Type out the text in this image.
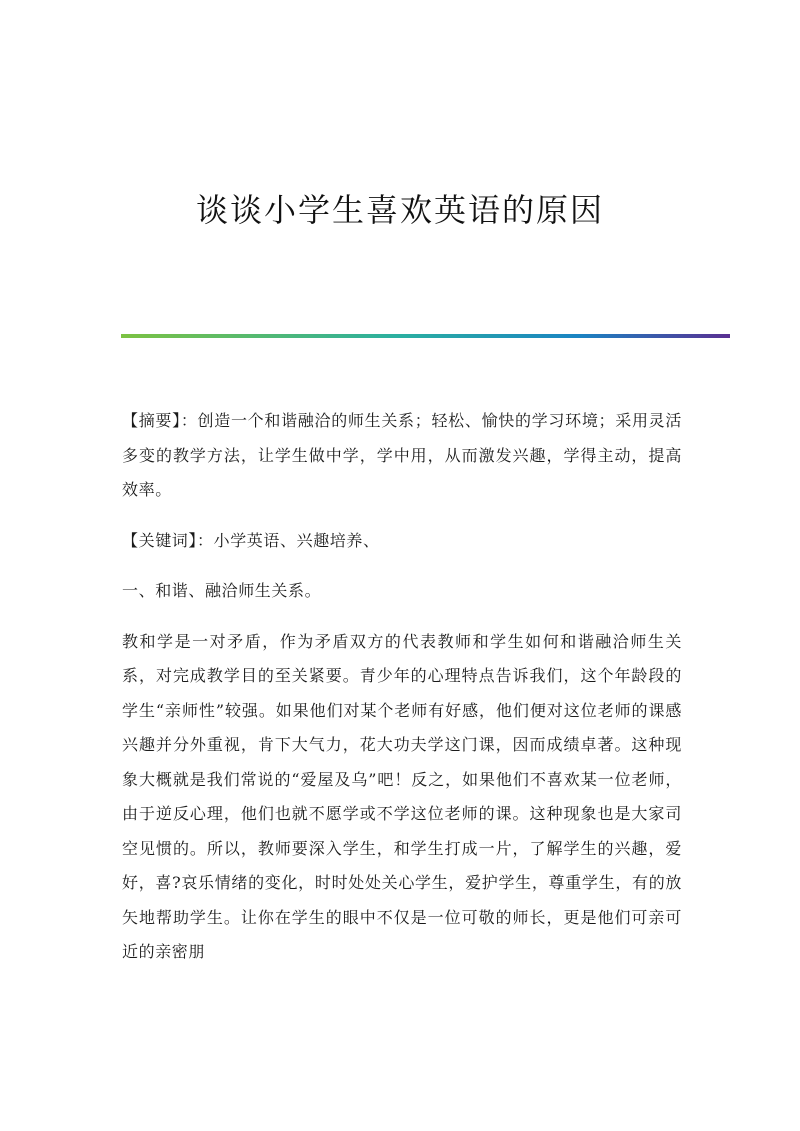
谈谈小学生喜欢英语的原因

【摘要】：创造一个和谐融洽的师生关系；轻松、愉快的学习环境；采用灵活多变的教学方法，让学生做中学，学中用，从而激发兴趣，学得主动，提高效率。

【关键词】：小学英语、兴趣培养、

一、和谐、融洽师生关系。

教和学是一对矛盾，作为矛盾双方的代表教师和学生如何和谐融洽师生关系，对完成教学目的至关紧要。青少年的心理特点告诉我们，这个年龄段的学生“亲师性”较强。如果他们对某个老师有好感，他们便对这位老师的课感兴趣并分外重视，肯下大气力，花大功夫学这门课，因而成绩卓著。这种现象大概就是我们常说的“爱屋及乌”吧！反之，如果他们不喜欢某一位老师，由于逆反心理，他们也就不愿学或不学这位老师的课。这种现象也是大家司空见惯的。所以，教师要深入学生，和学生打成一片，了解学生的兴趣，爱好，喜?哀乐情绪的变化，时时处处关心学生，爱护学生，尊重学生，有的放矢地帮助学生。让你在学生的眼中不仅是一位可敬的师长，更是他们可亲可近的亲密朋
